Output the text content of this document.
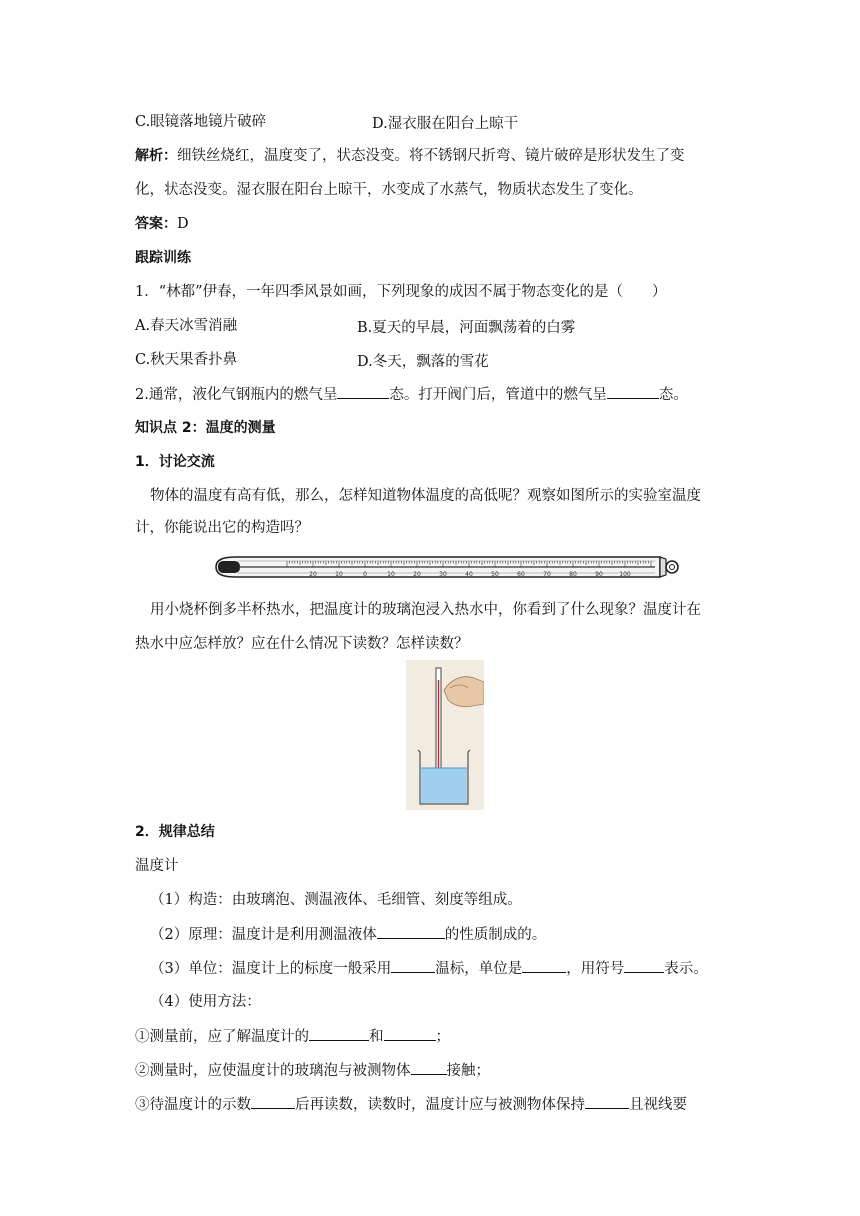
C.眼镜落地镜片破碎	D.湿衣服在阳台上晾干
解析：细铁丝烧红，温度变了，状态没变。将不锈钢尺折弯、镜片破碎是形状发生了变
化，状态没变。湿衣服在阳台上晾干，水变成了水蒸气，物质状态发生了变化。
答案：D
跟踪训练
1．“林都”伊春，一年四季风景如画，下列现象的成因不属于物态变化的是（　　）
A.春天冰雪消融	B.夏天的早晨，河面飘荡着的白雾
C.秋天果香扑鼻	D.冬天，飘落的雪花
2.通常，液化气钢瓶内的燃气呈	态。打开阀门后，管道中的燃气呈	态。
知识点 2：温度的测量
1．讨论交流
物体的温度有高有低，那么，怎样知道物体温度的高低呢？观察如图所示的实验室温度
计，你能说出它的构造吗？
20	10	0	10	20	30	40	50	60	70	80	90	100
用小烧杯倒多半杯热水，把温度计的玻璃泡浸入热水中，你看到了什么现象？温度计在
热水中应怎样放？应在什么情况下读数？怎样读数？
2．规律总结
温度计
（1）构造：由玻璃泡、测温液体、毛细管、刻度等组成。
（2）原理：温度计是利用测温液体	的性质制成的。
（3）单位：温度计上的标度一般采用	温标，单位是	，用符号	表示。
（4）使用方法：
①测量前，应了解温度计的	和	；
②测量时，应使温度计的玻璃泡与被测物体 接触；
③待温度计的示数	后再读数，读数时，温度计应与被测物体保持	且视线要
